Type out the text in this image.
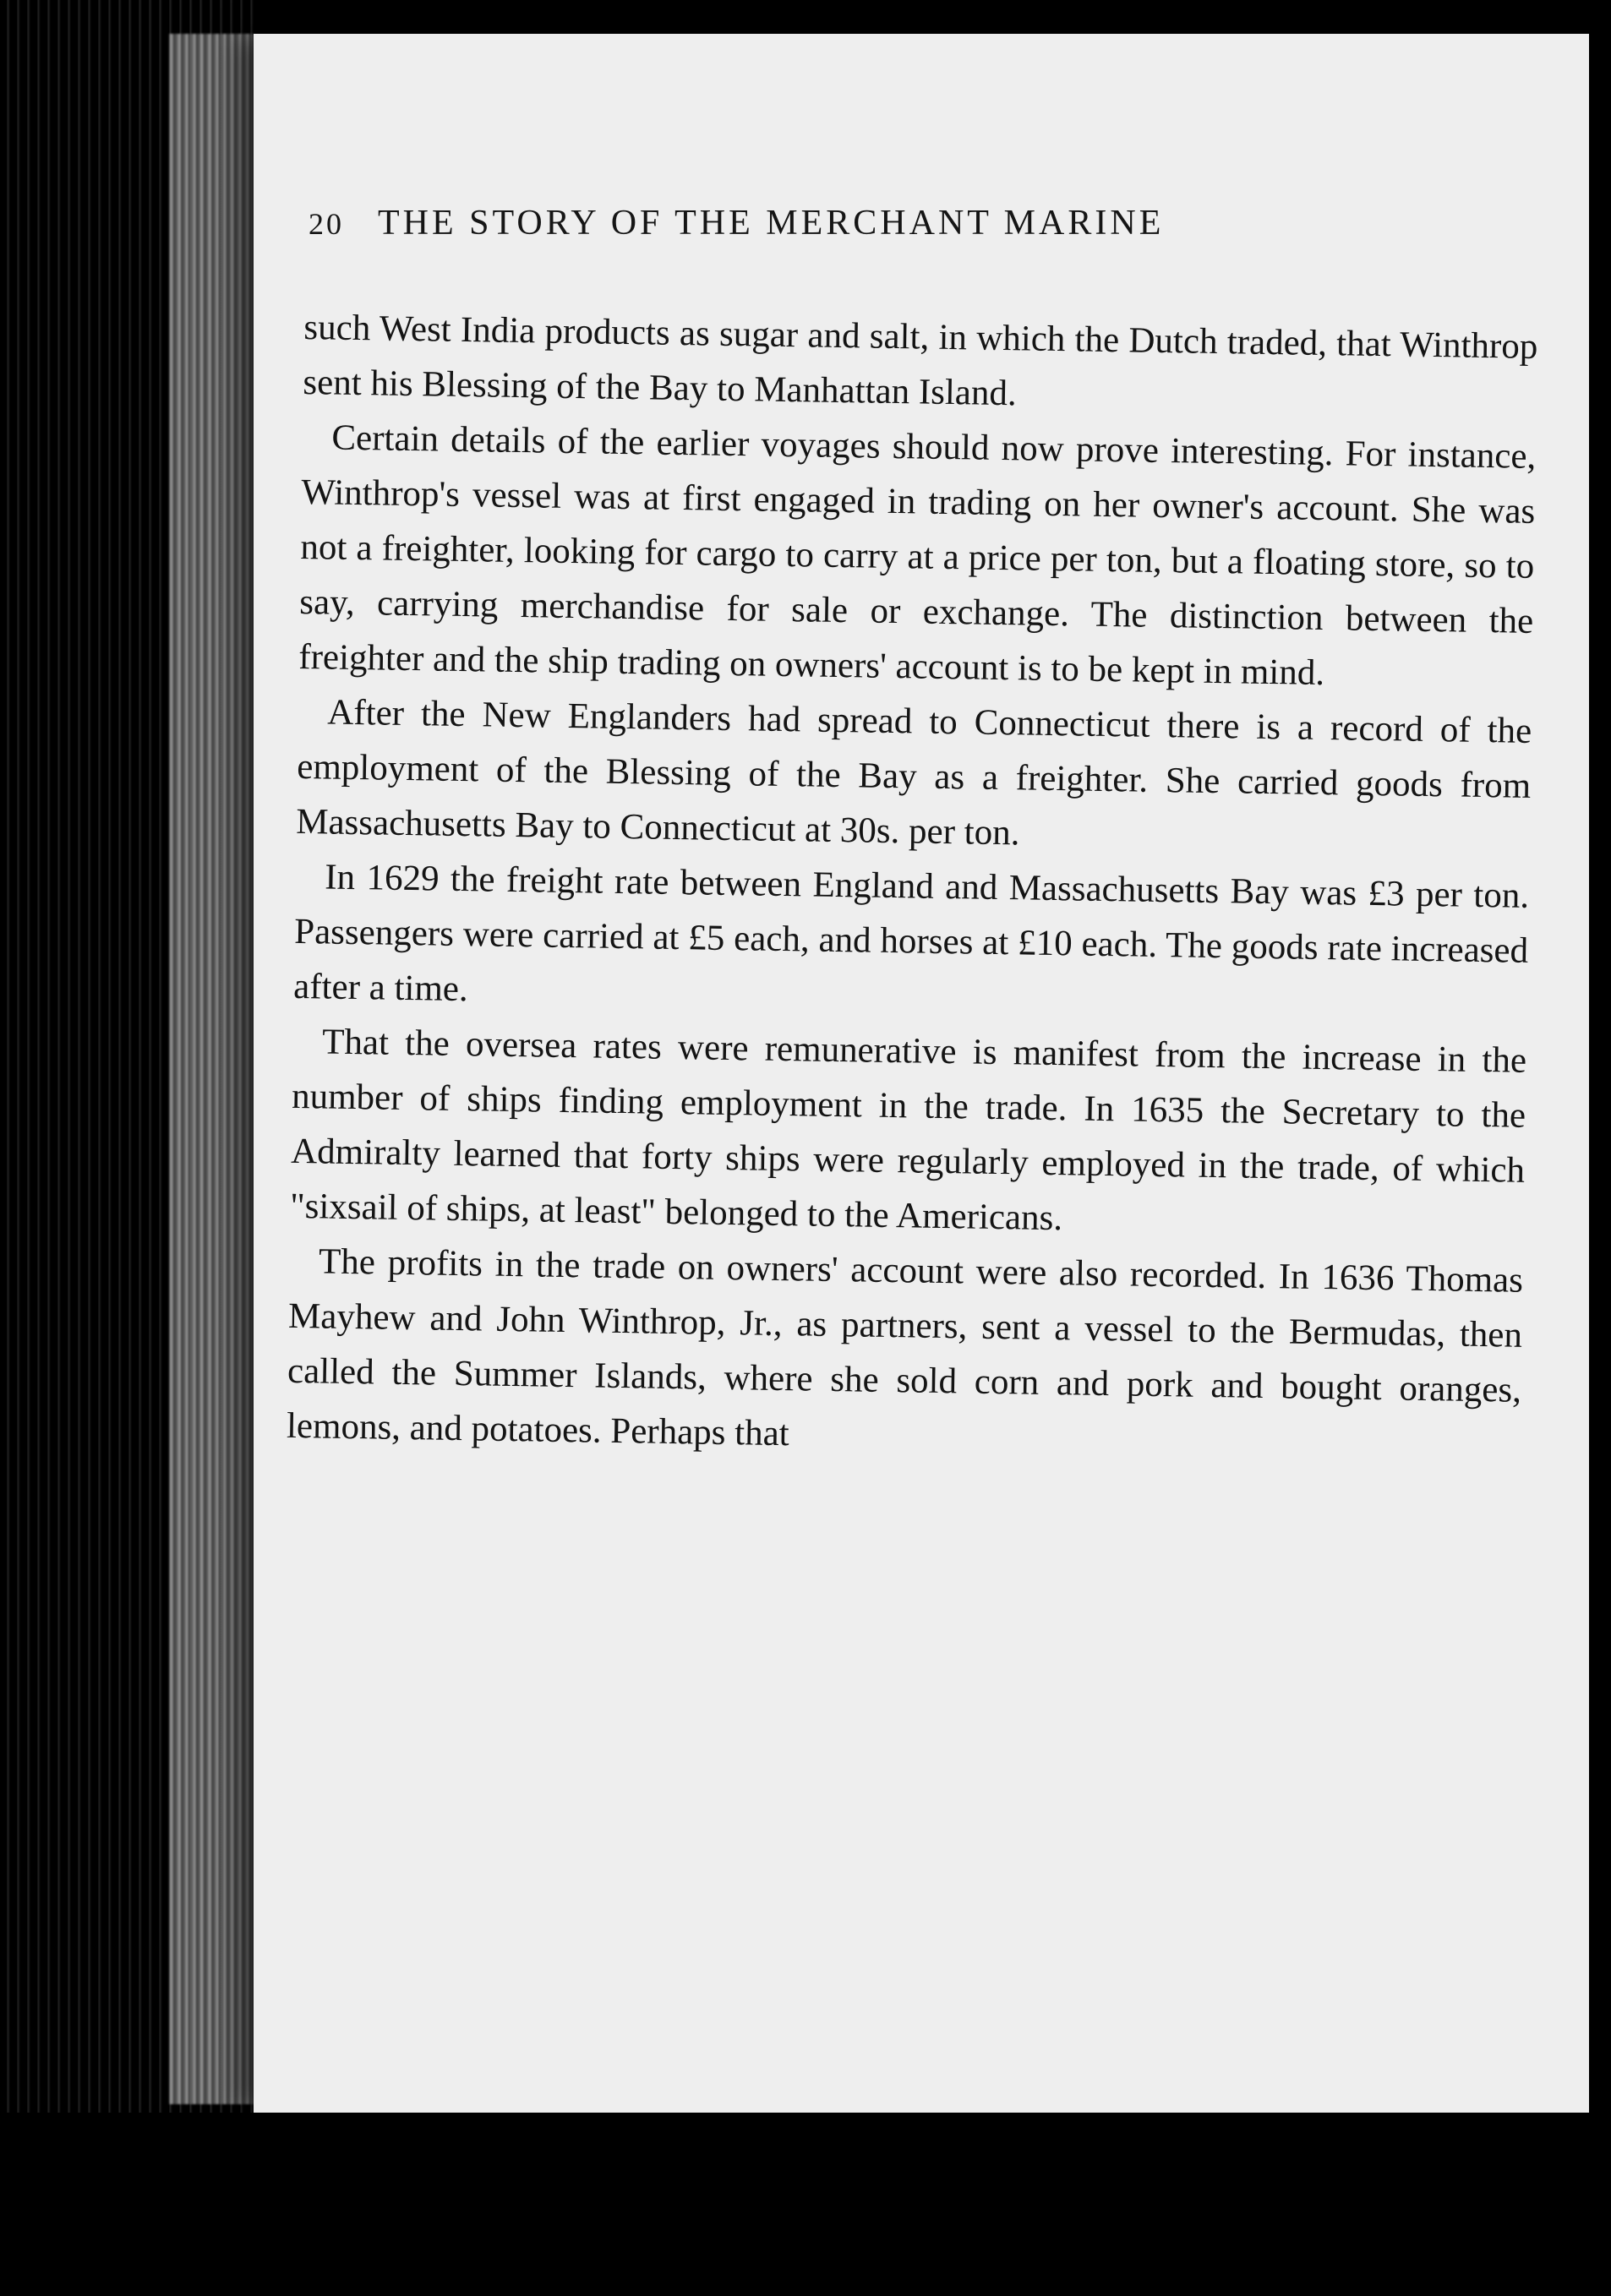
20 THE STORY OF THE MERCHANT MARINE

such West India products as sugar and salt, in which the Dutch traded, that Winthrop sent his Blessing of the Bay to Manhattan Island.

Certain details of the earlier voyages should now prove interesting. For instance, Winthrop's vessel was at first engaged in trading on her owner's account. She was not a freighter, looking for cargo to carry at a price per ton, but a floating store, so to say, carrying merchandise for sale or exchange. The distinction between the freighter and the ship trading on owners' account is to be kept in mind.

After the New Englanders had spread to Connecticut there is a record of the employment of the Blessing of the Bay as a freighter. She carried goods from Massachusetts Bay to Connecticut at 30s. per ton.

In 1629 the freight rate between England and Massachusetts Bay was £3 per ton. Passengers were carried at £5 each, and horses at £10 each. The goods rate increased after a time.

That the oversea rates were remunerative is manifest from the increase in the number of ships finding employment in the trade. In 1635 the Secretary to the Admiralty learned that forty ships were regularly employed in the trade, of which "sixsail of ships, at least" belonged to the Americans.

The profits in the trade on owners' account were also recorded. In 1636 Thomas Mayhew and John Winthrop, Jr., as partners, sent a vessel to the Bermudas, then called the Summer Islands, where she sold corn and pork and bought oranges, lemons, and potatoes. Perhaps that
